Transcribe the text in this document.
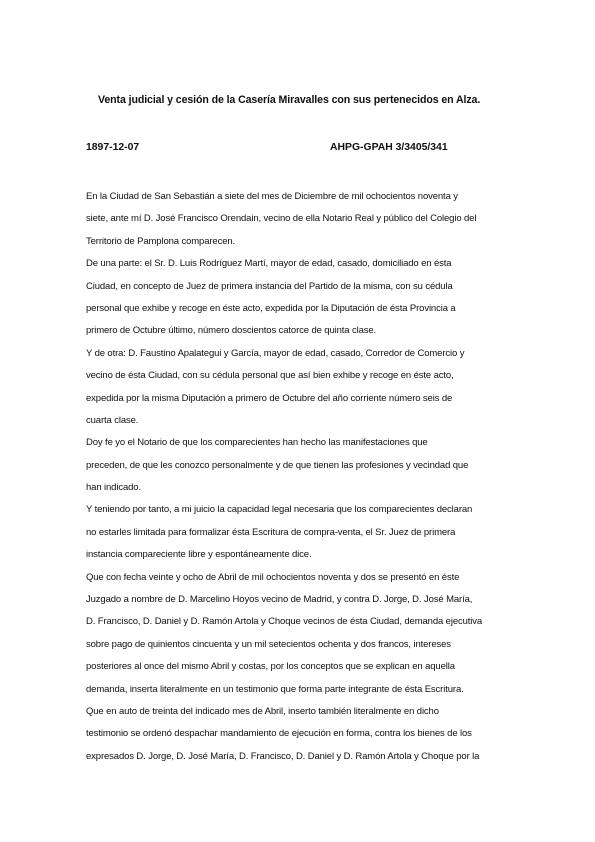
Venta judicial y cesión de la Casería Miravalles con sus pertenecidos en Alza.
1897-12-07	AHPG-GPAH 3/3405/341
En la Ciudad de San Sebastián a siete del mes de Diciembre de mil ochocientos noventa y
siete, ante mí D. José Francisco Orendain, vecino de ella Notario Real y público del Colegio del
Territorio de Pamplona comparecen.
De una parte: el Sr. D. Luis Rodríguez Martí, mayor de edad, casado, domiciliado en ésta
Ciudad, en concepto de Juez de primera instancia del Partido de la misma, con su cédula
personal que exhibe y recoge en éste acto, expedida por la Diputación de ésta Provincia a
primero de Octubre último, número doscientos catorce de quinta clase.
Y de otra: D. Faustino Apalategui y García, mayor de edad, casado, Corredor de Comercio y
vecino de ésta Ciudad, con su cédula personal que así bien exhibe y recoge en éste acto,
expedida por la misma Diputación a primero de Octubre del año corriente número seis de
cuarta clase.
Doy fe yo el Notario de que los comparecientes han hecho las manifestaciones que
preceden, de que les conozco personalmente y de que tienen las profesiones y vecindad que
han indicado.
Y teniendo por tanto, a mi juicio la capacidad legal necesaria que los comparecientes declaran
no estarles limitada para formalizar ésta Escritura de compra-venta, el Sr. Juez de primera
instancia compareciente libre y espontáneamente dice.
Que con fecha veinte y ocho de Abril de mil ochocientos noventa y dos se presentó en éste
Juzgado a nombre de D. Marcelino Hoyos vecino de Madrid, y contra D. Jorge, D. José María,
D. Francisco, D. Daniel y D. Ramón Artola y Choque vecinos de ésta Ciudad, demanda ejecutiva
sobre pago de quinientos cincuenta y un mil setecientos ochenta y dos francos, intereses
posteriores al once del mismo Abril y costas, por los conceptos que se explican en aquella
demanda, inserta literalmente en un testimonio que forma parte integrante de ésta Escritura.
Que en auto de treinta del indicado mes de Abril, inserto también literalmente en dicho
testimonio se ordenó despachar mandamiento de ejecución en forma, contra los bienes de los
expresados D. Jorge, D. José María, D. Francisco, D. Daniel y D. Ramón Artola y Choque por la
